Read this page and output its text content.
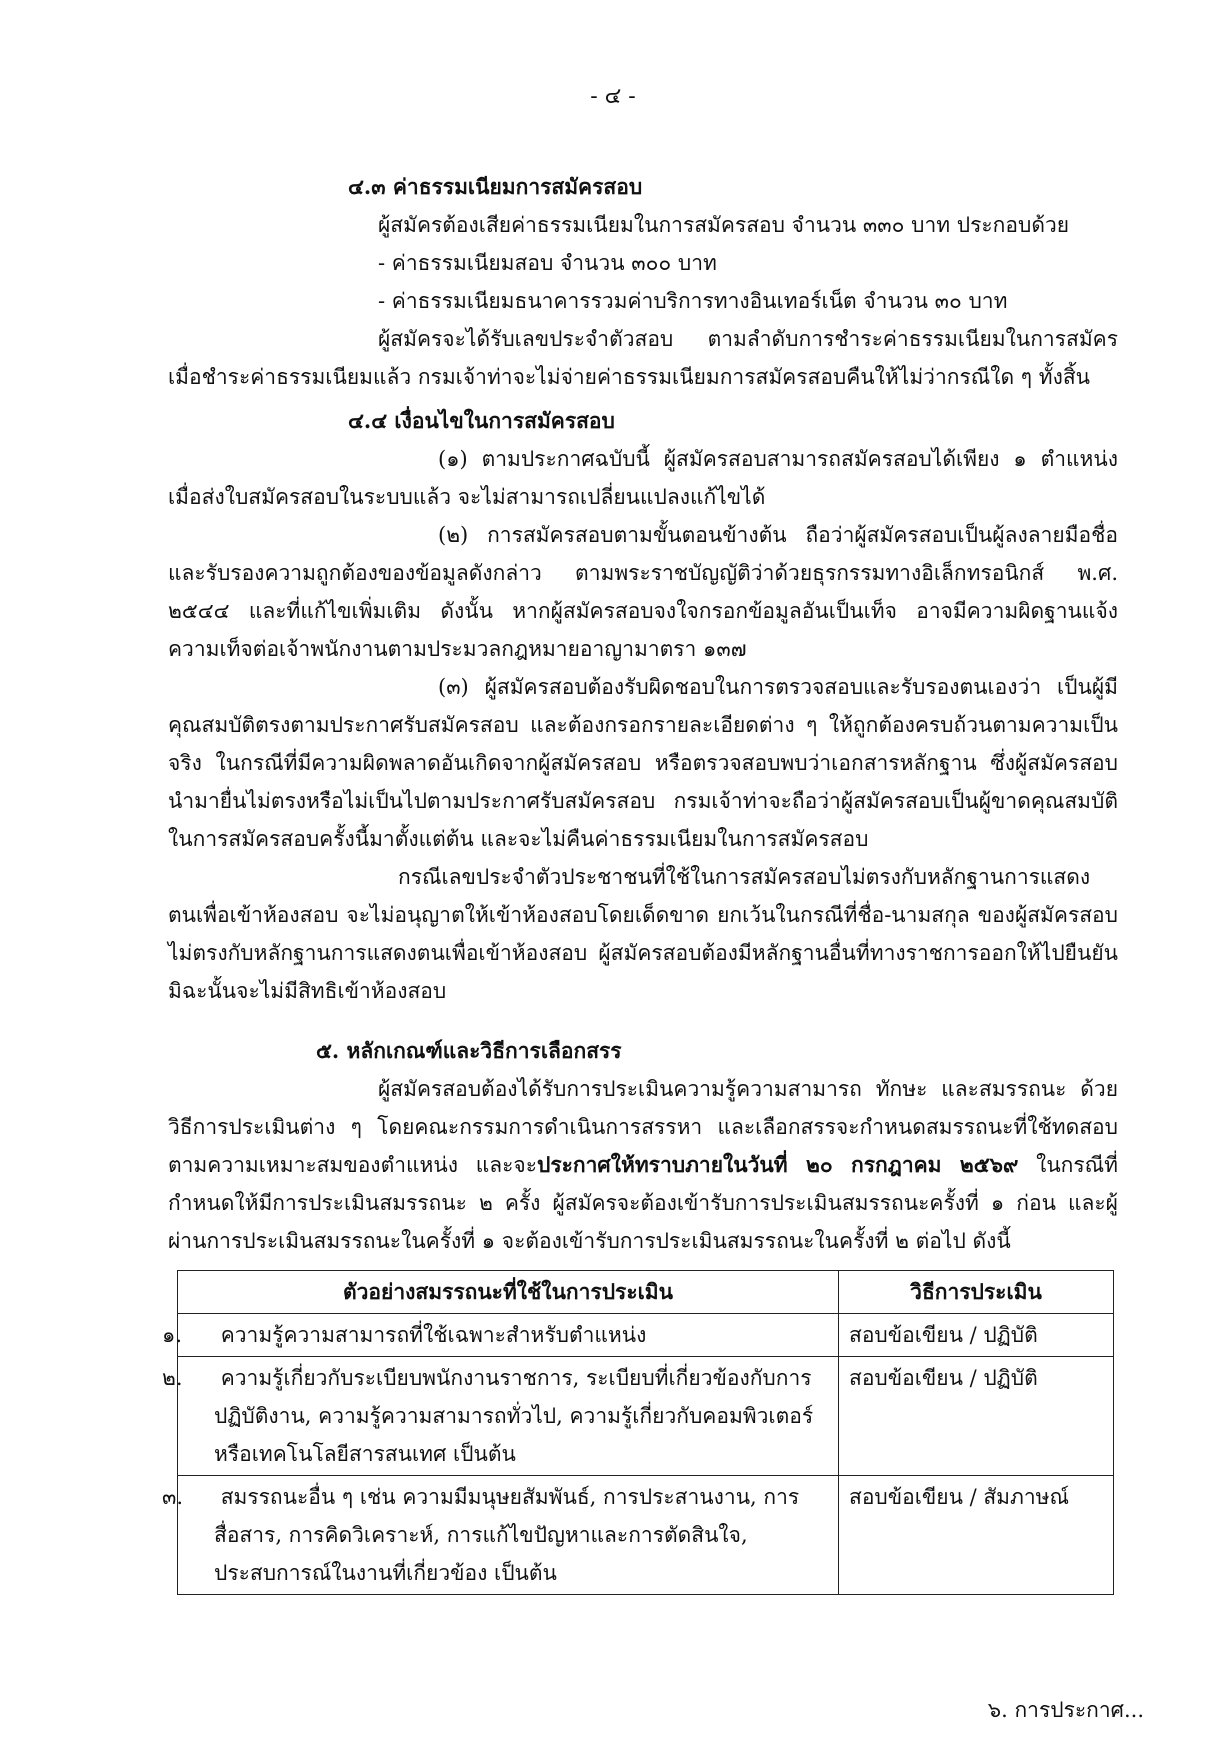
- ๔ -
๔.๓ ค่าธรรมเนียมการสมัครสอบ

ผู้สมัครต้องเสียค่าธรรมเนียมในการสมัครสอบ จำนวน ๓๓๐ บาท ประกอบด้วย

- ค่าธรรมเนียมสอบ จำนวน ๓๐๐ บาท

- ค่าธรรมเนียมธนาคารรวมค่าบริการทางอินเทอร์เน็ต จำนวน ๓๐ บาท

ผู้สมัครจะได้รับเลขประจำตัวสอบ ตามลำดับการชำระค่าธรรมเนียมในการสมัคร เมื่อชำระค่าธรรมเนียมแล้ว กรมเจ้าท่าจะไม่จ่ายค่าธรรมเนียมการสมัครสอบคืนให้ไม่ว่ากรณีใด ๆ ทั้งสิ้น

๔.๔ เงื่อนไขในการสมัครสอบ

(๑) ตามประกาศฉบับนี้ ผู้สมัครสอบสามารถสมัครสอบได้เพียง ๑ ตำแหน่ง เมื่อส่งใบสมัครสอบในระบบแล้ว จะไม่สามารถเปลี่ยนแปลงแก้ไขได้

(๒) การสมัครสอบตามขั้นตอนข้างต้น ถือว่าผู้สมัครสอบเป็นผู้ลงลายมือชื่อ และรับรองความถูกต้องของข้อมูลดังกล่าว ตามพระราชบัญญัติว่าด้วยธุรกรรมทางอิเล็กทรอนิกส์ พ.ศ. ๒๕๔๔ และที่แก้ไขเพิ่มเติม ดังนั้น หากผู้สมัครสอบจงใจกรอกข้อมูลอันเป็นเท็จ อาจมีความผิดฐานแจ้งความเท็จต่อเจ้าพนักงานตามประมวลกฎหมายอาญามาตรา ๑๓๗

(๓) ผู้สมัครสอบต้องรับผิดชอบในการตรวจสอบและรับรองตนเองว่า เป็นผู้มีคุณสมบัติตรงตามประกาศรับสมัครสอบ และต้องกรอกรายละเอียดต่าง ๆ ให้ถูกต้องครบถ้วนตามความเป็นจริง ในกรณีที่มีความผิดพลาดอันเกิดจากผู้สมัครสอบ หรือตรวจสอบพบว่าเอกสารหลักฐาน ซึ่งผู้สมัครสอบนำมายื่นไม่ตรงหรือไม่เป็นไปตามประกาศรับสมัครสอบ กรมเจ้าท่าจะถือว่าผู้สมัครสอบเป็นผู้ขาดคุณสมบัติในการสมัครสอบครั้งนี้มาตั้งแต่ต้น และจะไม่คืนค่าธรรมเนียมในการสมัครสอบ

กรณีเลขประจำตัวประชาชนที่ใช้ในการสมัครสอบไม่ตรงกับหลักฐานการแสดงตนเพื่อเข้าห้องสอบ จะไม่อนุญาตให้เข้าห้องสอบโดยเด็ดขาด ยกเว้นในกรณีที่ชื่อ-นามสกุล ของผู้สมัครสอบไม่ตรงกับหลักฐานการแสดงตนเพื่อเข้าห้องสอบ ผู้สมัครสอบต้องมีหลักฐานอื่นที่ทางราชการออกให้ไปยืนยัน มิฉะนั้นจะไม่มีสิทธิเข้าห้องสอบ

๕. หลักเกณฑ์และวิธีการเลือกสรร

ผู้สมัครสอบต้องได้รับการประเมินความรู้ความสามารถ ทักษะ และสมรรถนะ ด้วยวิธีการประเมินต่าง ๆ โดยคณะกรรมการดำเนินการสรรหา และเลือกสรรจะกำหนดสมรรถนะที่ใช้ทดสอบตามความเหมาะสมของตำแหน่ง และจะประกาศให้ทราบภายในวันที่ ๒๐ กรกฎาคม ๒๕๖๙ ในกรณีที่กำหนดให้มีการประเมินสมรรถนะ ๒ ครั้ง ผู้สมัครจะต้องเข้ารับการประเมินสมรรถนะครั้งที่ ๑ ก่อน และผู้ผ่านการประเมินสมรรถนะในครั้งที่ ๑ จะต้องเข้ารับการประเมินสมรรถนะในครั้งที่ ๒ ต่อไป ดังนี้

ตัวอย่างสมรรถนะที่ใช้ในการประเมิน	วิธีการประเมิน
๑. ความรู้ความสามารถที่ใช้เฉพาะสำหรับตำแหน่ง	สอบข้อเขียน / ปฏิบัติ
๒. ความรู้เกี่ยวกับระเบียบพนักงานราชการ, ระเบียบที่เกี่ยวข้องกับการปฏิบัติงาน, ความรู้ความสามารถทั่วไป, ความรู้เกี่ยวกับคอมพิวเตอร์หรือเทคโนโลยีสารสนเทศ เป็นต้น	สอบข้อเขียน / ปฏิบัติ
๓. สมรรถนะอื่น ๆ เช่น ความมีมนุษยสัมพันธ์, การประสานงาน, การสื่อสาร, การคิดวิเคราะห์, การแก้ไขปัญหาและการตัดสินใจ, ประสบการณ์ในงานที่เกี่ยวข้อง เป็นต้น	สอบข้อเขียน / สัมภาษณ์
๖. การประกาศ...
